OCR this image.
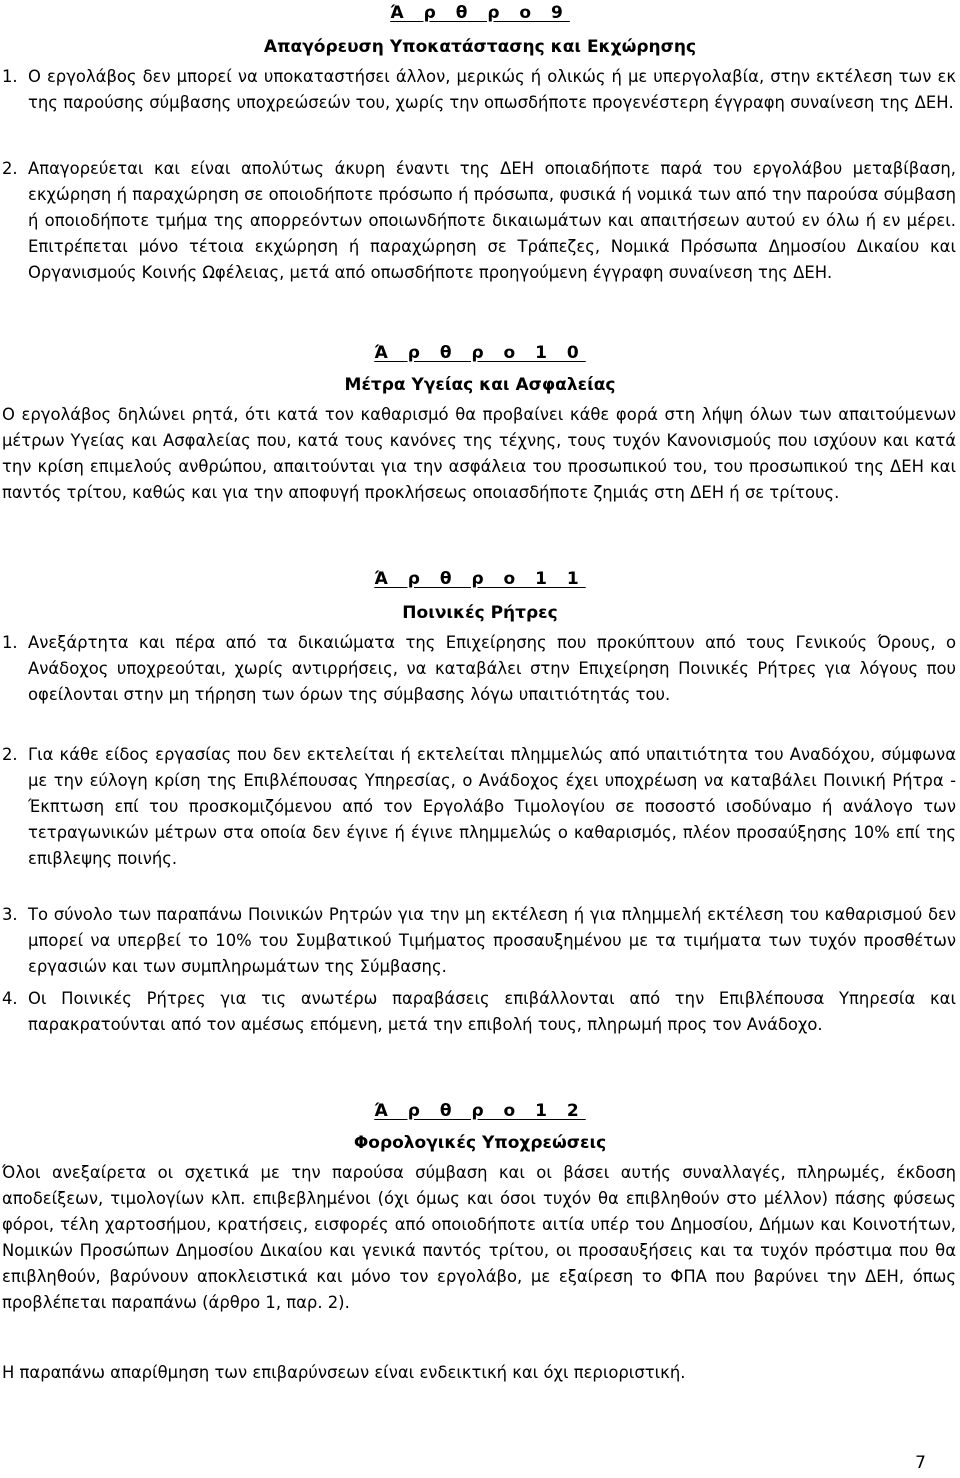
Ά ρ θ ρ ο 9
Απαγόρευση Υποκατάστασης και Εκχώρησης
1. Ο εργολάβος δεν μπορεί να υποκαταστήσει άλλον, μερικώς ή ολικώς ή με υπεργολαβία, στην εκτέλεση των εκ της παρούσης σύμβασης υποχρεώσεών του, χωρίς την οπωσδήποτε προγενέστερη έγγραφη συναίνεση της ΔΕΗ.
2. Απαγορεύεται και είναι απολύτως άκυρη έναντι της ΔΕΗ οποιαδήποτε παρά του εργολάβου μεταβίβαση, εκχώρηση ή παραχώρηση σε οποιοδήποτε πρόσωπο ή πρόσωπα, φυσικά ή νομικά των από την παρούσα σύμβαση ή οποιοδήποτε τμήμα της απορρεόντων οποιωνδήποτε δικαιωμάτων και απαιτήσεων αυτού εν όλω ή εν μέρει. Επιτρέπεται μόνο τέτοια εκχώρηση ή παραχώρηση σε Τράπεζες, Νομικά Πρόσωπα Δημοσίου Δικαίου και Οργανισμούς Κοινής Ωφέλειας, μετά από οπωσδήποτε προηγούμενη έγγραφη συναίνεση της ΔΕΗ.
Ά ρ θ ρ ο 1 0
Μέτρα Υγείας και Ασφαλείας
Ο εργολάβος δηλώνει ρητά, ότι κατά τον καθαρισμό θα προβαίνει κάθε φορά στη λήψη όλων των απαιτούμενων μέτρων Υγείας και Ασφαλείας που, κατά τους κανόνες της τέχνης, τους τυχόν Κανονισμούς που ισχύουν και κατά την κρίση επιμελούς ανθρώπου, απαιτούνται για την ασφάλεια του προσωπικού του, του προσωπικού της ΔΕΗ και παντός τρίτου, καθώς και για την αποφυγή προκλήσεως οποιασδήποτε ζημιάς στη ΔΕΗ ή σε τρίτους.
Ά ρ θ ρ ο 1 1
Ποινικές Ρήτρες
1. Ανεξάρτητα και πέρα από τα δικαιώματα της Επιχείρησης που προκύπτουν από τους Γενικούς Όρους, ο Ανάδοχος υποχρεούται, χωρίς αντιρρήσεις, να καταβάλει στην Επιχείρηση Ποινικές Ρήτρες για λόγους που οφείλονται στην μη τήρηση των όρων της σύμβασης λόγω υπαιτιότητάς του.
2. Για κάθε είδος εργασίας που δεν εκτελείται ή εκτελείται πλημμελώς από υπαιτιότητα του Αναδόχου, σύμφωνα με την εύλογη κρίση της Επιβλέπουσας Υπηρεσίας, ο Ανάδοχος έχει υποχρέωση να καταβάλει Ποινική Ρήτρα - Έκπτωση επί του προσκομιζόμενου από τον Εργολάβο Τιμολογίου σε ποσοστό ισοδύναμο ή ανάλογο των τετραγωνικών μέτρων στα οποία δεν έγινε ή έγινε πλημμελώς ο καθαρισμός, πλέον προσαύξησης 10% επί της επιβλεψης ποινής.
3. Το σύνολο των παραπάνω Ποινικών Ρητρών για την μη εκτέλεση ή για πλημμελή εκτέλεση του καθαρισμού δεν μπορεί να υπερβεί το 10% του Συμβατικού Τιμήματος προσαυξημένου με τα τιμήματα των τυχόν προσθέτων εργασιών και των συμπληρωμάτων της Σύμβασης.
4. Οι Ποινικές Ρήτρες για τις ανωτέρω παραβάσεις επιβάλλονται από την Επιβλέπουσα Υπηρεσία και παρακρατούνται από τον αμέσως επόμενη, μετά την επιβολή τους, πληρωμή προς τον Ανάδοχο.
Ά ρ θ ρ ο 1 2
Φορολογικές Υποχρεώσεις
Όλοι ανεξαίρετα οι σχετικά με την παρούσα σύμβαση και οι βάσει αυτής συναλλαγές, πληρωμές, έκδοση αποδείξεων, τιμολογίων κλπ. επιβεβλημένοι (όχι όμως και όσοι τυχόν θα επιβληθούν στο μέλλον) πάσης φύσεως φόροι, τέλη χαρτοσήμου, κρατήσεις, εισφορές από οποιοδήποτε αιτία υπέρ του Δημοσίου, Δήμων και Κοινοτήτων, Νομικών Προσώπων Δημοσίου Δικαίου και γενικά παντός τρίτου, οι προσαυξήσεις και τα τυχόν πρόστιμα που θα επιβληθούν, βαρύνουν αποκλειστικά και μόνο τον εργολάβο, με εξαίρεση το ΦΠΑ που βαρύνει την ΔΕΗ, όπως προβλέπεται παραπάνω (άρθρο 1, παρ. 2).
Η παραπάνω απαρίθμηση των επιβαρύνσεων είναι ενδεικτική και όχι περιοριστική.
7
